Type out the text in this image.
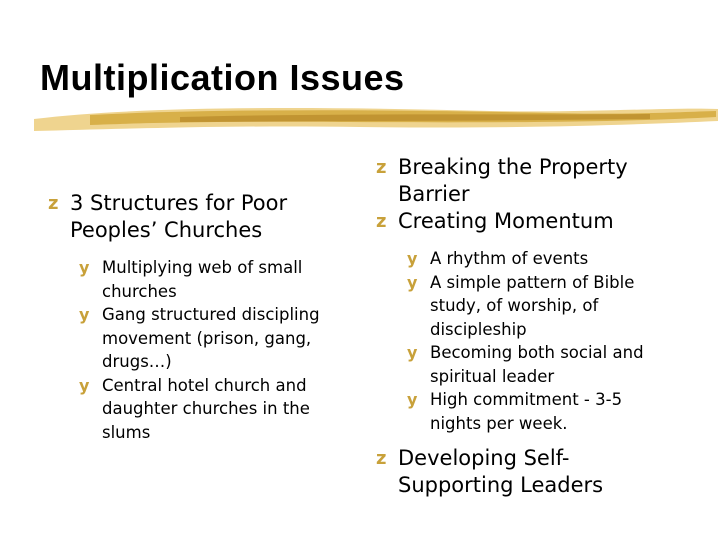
Multiplication Issues
z 3 Structures for Poor Peoples’ Churches
y Multiplying web of small churches
y Gang structured discipling movement (prison, gang, drugs…)
y Central hotel church and daughter churches in the slums
z Breaking the Property Barrier
z Creating Momentum
y A rhythm of events
y A simple pattern of Bible study, of worship, of discipleship
y Becoming both social and spiritual leader
y High commitment - 3-5 nights per week.
z Developing Self-Supporting Leaders
